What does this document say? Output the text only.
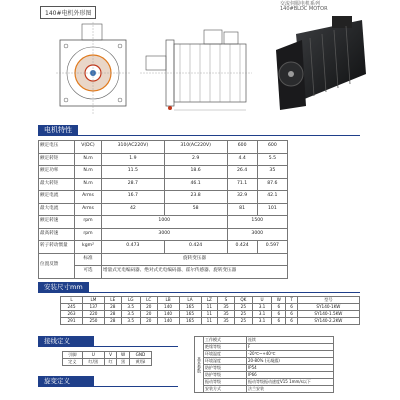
140#电机外形图
交流伺服电机系列
140#BLDC MOTOR
电机特性
额定电压	V(DC)	310(AC220V)	310(AC220V)	600	600
额定转矩	N.m	1.9	2.9	4.4	5.5
额定功率	N.m	11.5	18.6	26.4	35
最大转矩	N.m	28.7	46.1	71.1	87.6
额定电流	Arms	16.7	23.8	32.9	42.1
最大电流	Arms	42	58	81	101
额定转速	rpm	1000		1500	
最高转速	rpm	3000		3000	
转子转动惯量	kgm²	0.473	0.424	0.424	0.597
位置反馈	标准	旋转变压器			
	可选	增量式光电编码器、绝对式光电编码器、霍尔传感器、旋转变压器			
安装尺寸mm
L	LM	LE	LG	LC	LB	LA	LZ	S	QK	U	W	T	型号
245	137	28	3.5	20	140	165	11	35	25	3.1	6	6	SY140-1KW
263	220	28	3.5	20	140	165	11	35	25	3.1	6	6	SY140-1.5KW
291	250	28	3.5	20	140	165	11	35	25	3.1	6	6	SY140-2.2KW
接线定义
引脚	U	V	W	GND
定义	红/黑	红	黑	黄/绿
旋变定义
基本参数	工作模式	连续
	绝缘等级	F
	环境温度	-20℃~+40℃
	环境湿度	20-80% (无凝露)
	防护等级	IP54
	防护等级	IP66
	振动等级	振动等级振动速度V15 1mm/s以下
	安装方式	法兰安装
